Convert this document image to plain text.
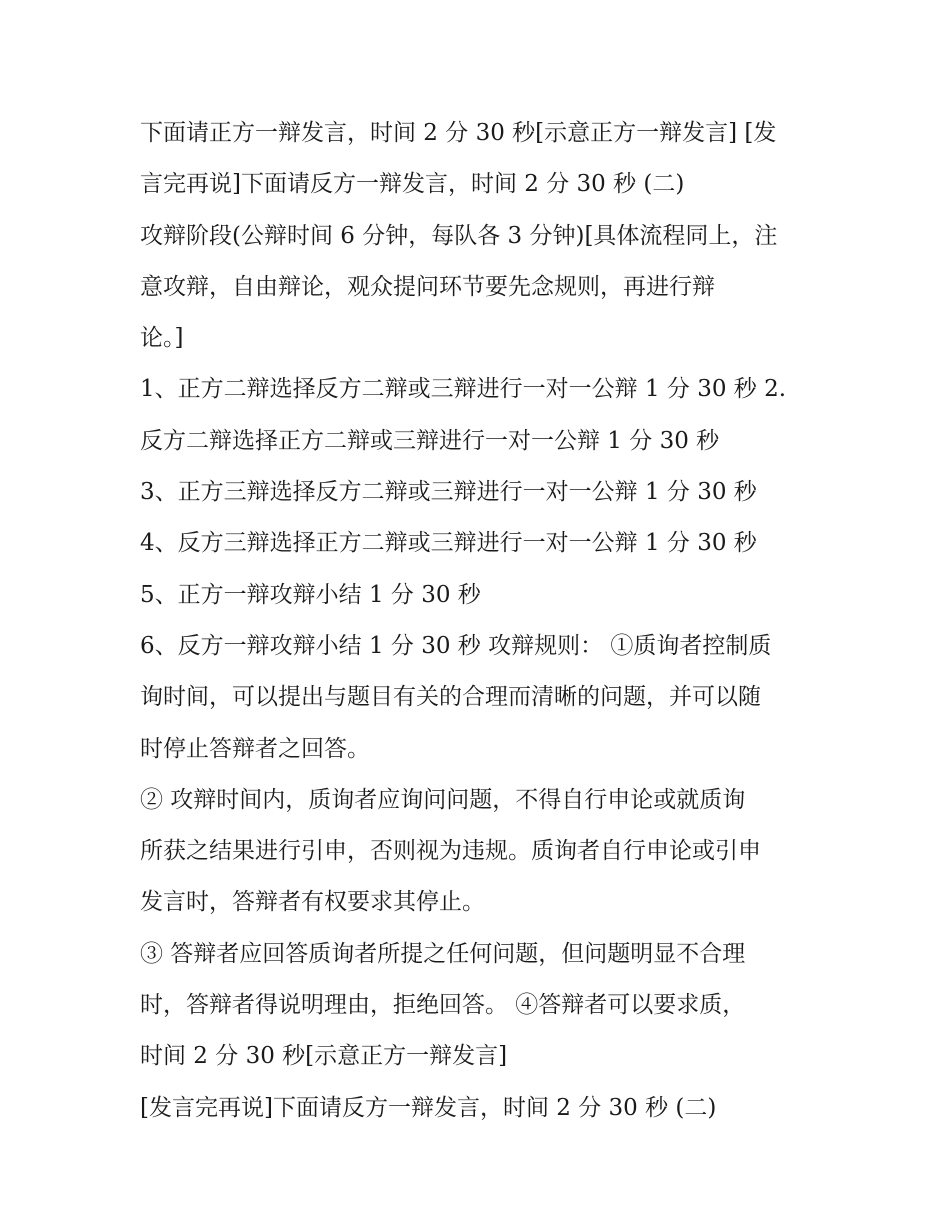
下面请正方一辩发言，时间 2 分 30 秒[示意正方一辩发言] [发
言完再说]下面请反方一辩发言，时间 2 分 30 秒 (二)
攻辩阶段(公辩时间 6 分钟，每队各 3 分钟)[具体流程同上，注
意攻辩，自由辩论，观众提问环节要先念规则，再进行辩
论。]
1、正方二辩选择反方二辩或三辩进行一对一公辩 1 分 30 秒 2.
反方二辩选择正方二辩或三辩进行一对一公辩 1 分 30 秒
3、正方三辩选择反方二辩或三辩进行一对一公辩 1 分 30 秒
4、反方三辩选择正方二辩或三辩进行一对一公辩 1 分 30 秒
5、正方一辩攻辩小结 1 分 30 秒
6、反方一辩攻辩小结 1 分 30 秒 攻辩规则： ①质询者控制质
询时间，可以提出与题目有关的合理而清晰的问题，并可以随
时停止答辩者之回答。
② 攻辩时间内，质询者应询问问题，不得自行申论或就质询
所获之结果进行引申，否则视为违规。质询者自行申论或引申
发言时，答辩者有权要求其停止。
③ 答辩者应回答质询者所提之任何问题，但问题明显不合理
时，答辩者得说明理由，拒绝回答。 ④答辩者可以要求质，
时间 2 分 30 秒[示意正方一辩发言]
[发言完再说]下面请反方一辩发言，时间 2 分 30 秒 (二)
